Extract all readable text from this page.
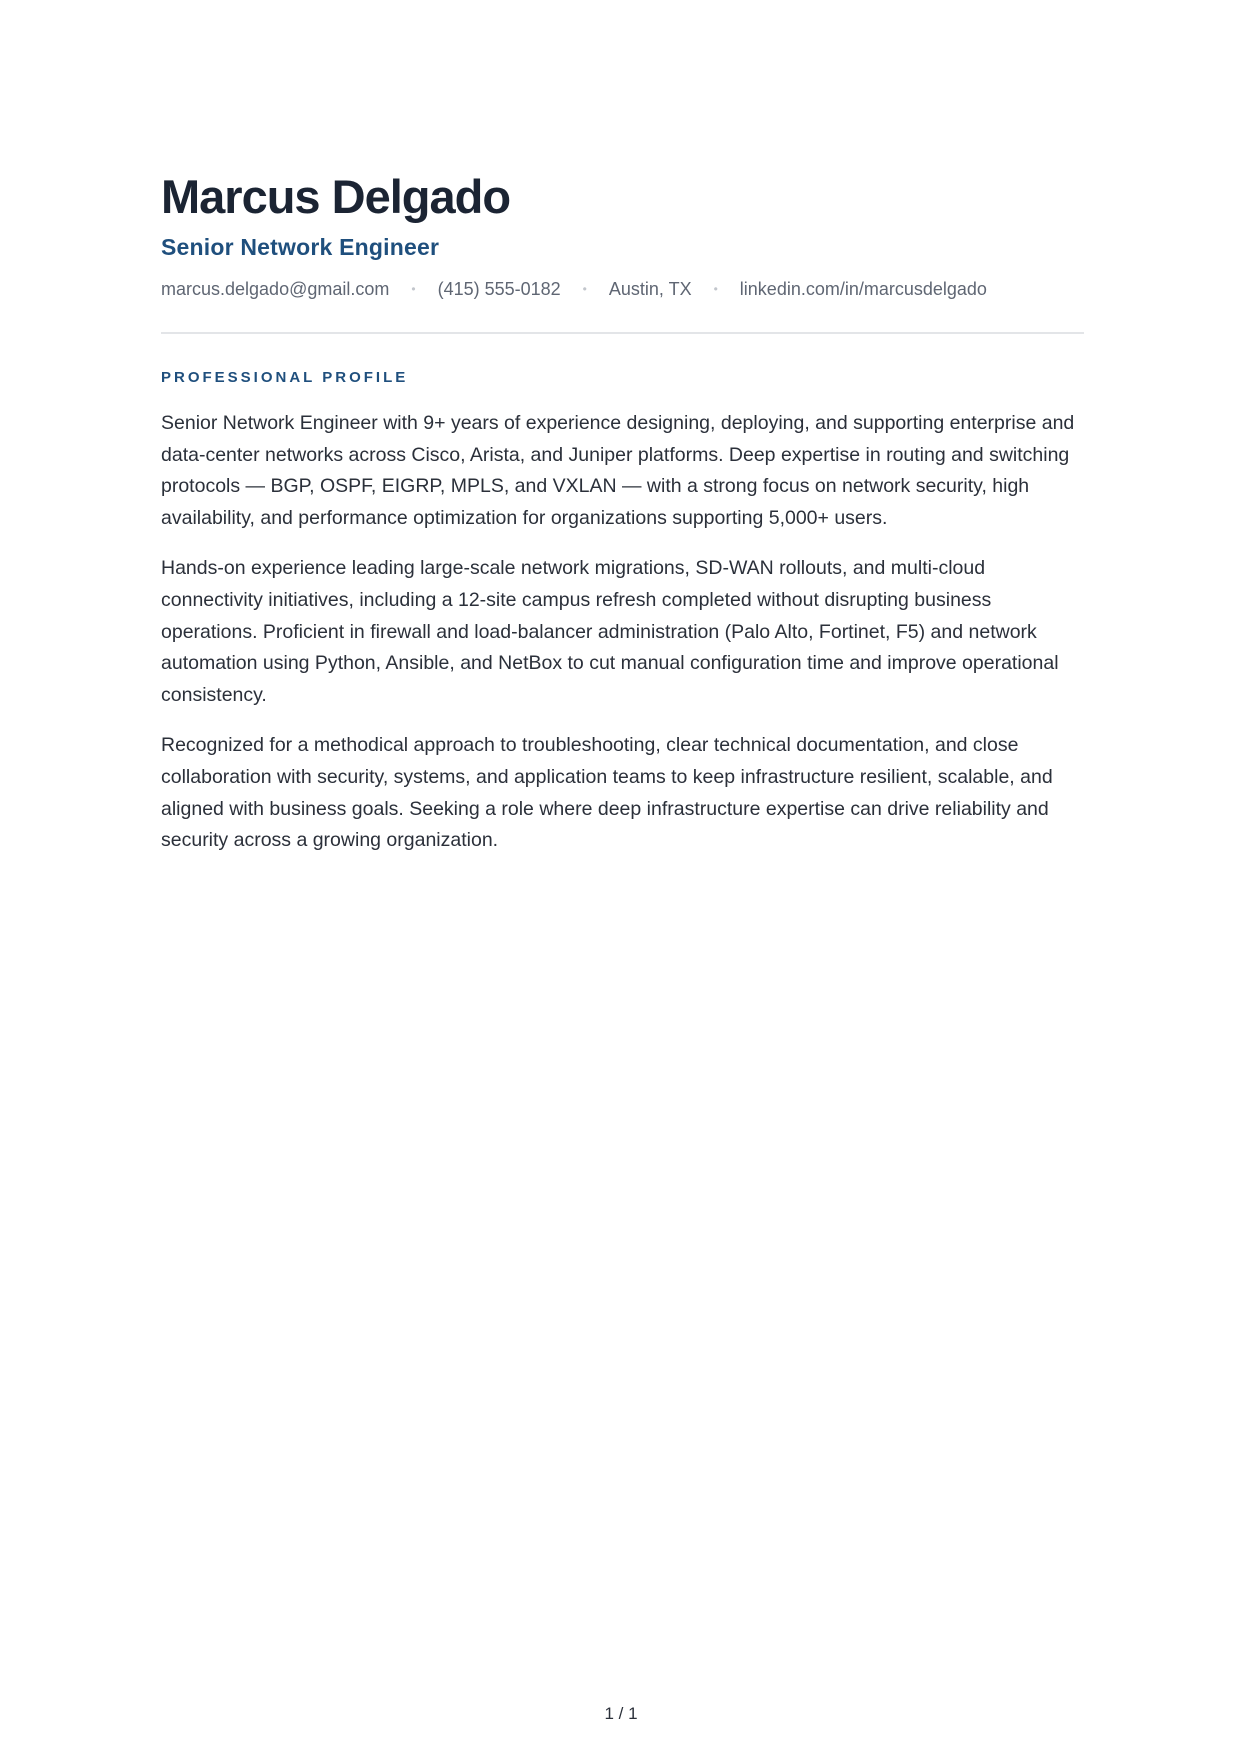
Marcus Delgado
Senior Network Engineer
marcus.delgado@gmail.com • (415) 555-0182 • Austin, TX • linkedin.com/in/marcusdelgado
PROFESSIONAL PROFILE

Senior Network Engineer with 9+ years of experience designing, deploying, and supporting enterprise and data-center networks across Cisco, Arista, and Juniper platforms. Deep expertise in routing and switching protocols — BGP, OSPF, EIGRP, MPLS, and VXLAN — with a strong focus on network security, high availability, and performance optimization for organizations supporting 5,000+ users.

Hands-on experience leading large-scale network migrations, SD-WAN rollouts, and multi-cloud connectivity initiatives, including a 12-site campus refresh completed without disrupting business operations. Proficient in firewall and load-balancer administration (Palo Alto, Fortinet, F5) and network automation using Python, Ansible, and NetBox to cut manual configuration time and improve operational consistency.

Recognized for a methodical approach to troubleshooting, clear technical documentation, and close collaboration with security, systems, and application teams to keep infrastructure resilient, scalable, and aligned with business goals. Seeking a role where deep infrastructure expertise can drive reliability and security across a growing organization.

1 / 1
